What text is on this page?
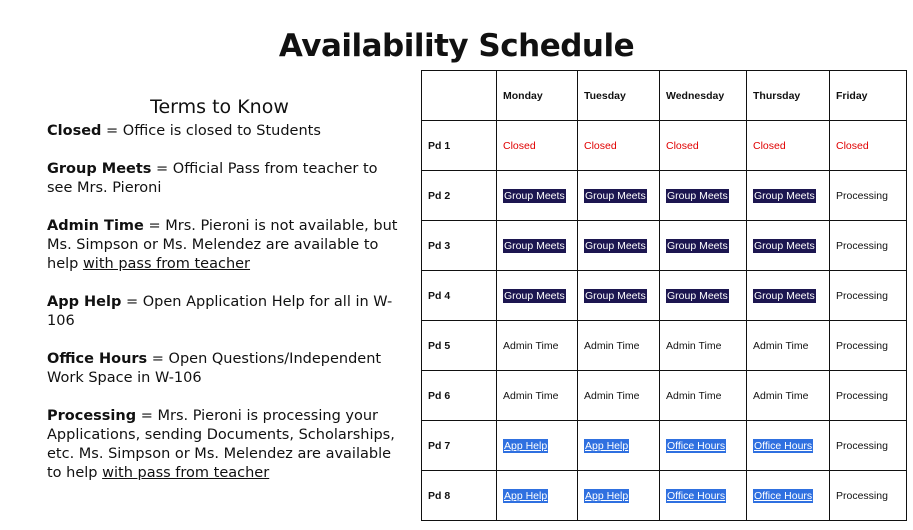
Availability Schedule
Terms to Know

Closed = Office is closed to Students

Group Meets = Official Pass from teacher to see Mrs. Pieroni

Admin Time = Mrs. Pieroni is not available, but Ms. Simpson or Ms. Melendez are available to help with pass from teacher

App Help = Open Application Help for all in W-106

Office Hours = Open Questions/Independent Work Space in W-106

Processing = Mrs. Pieroni is processing your Applications, sending Documents, Scholarships, etc. Ms. Simpson or Ms. Melendez are available to help with pass from teacher

	Monday	Tuesday	Wednesday	Thursday	Friday
Pd 1	Closed	Closed	Closed	Closed	Closed
Pd 2	Group Meets	Group Meets	Group Meets	Group Meets	Processing
Pd 3	Group Meets	Group Meets	Group Meets	Group Meets	Processing
Pd 4	Group Meets	Group Meets	Group Meets	Group Meets	Processing
Pd 5	Admin Time	Admin Time	Admin Time	Admin Time	Processing
Pd 6	Admin Time	Admin Time	Admin Time	Admin Time	Processing
Pd 7	App Help	App Help	Office Hours	Office Hours	Processing
Pd 8	App Help	App Help	Office Hours	Office Hours	Processing
